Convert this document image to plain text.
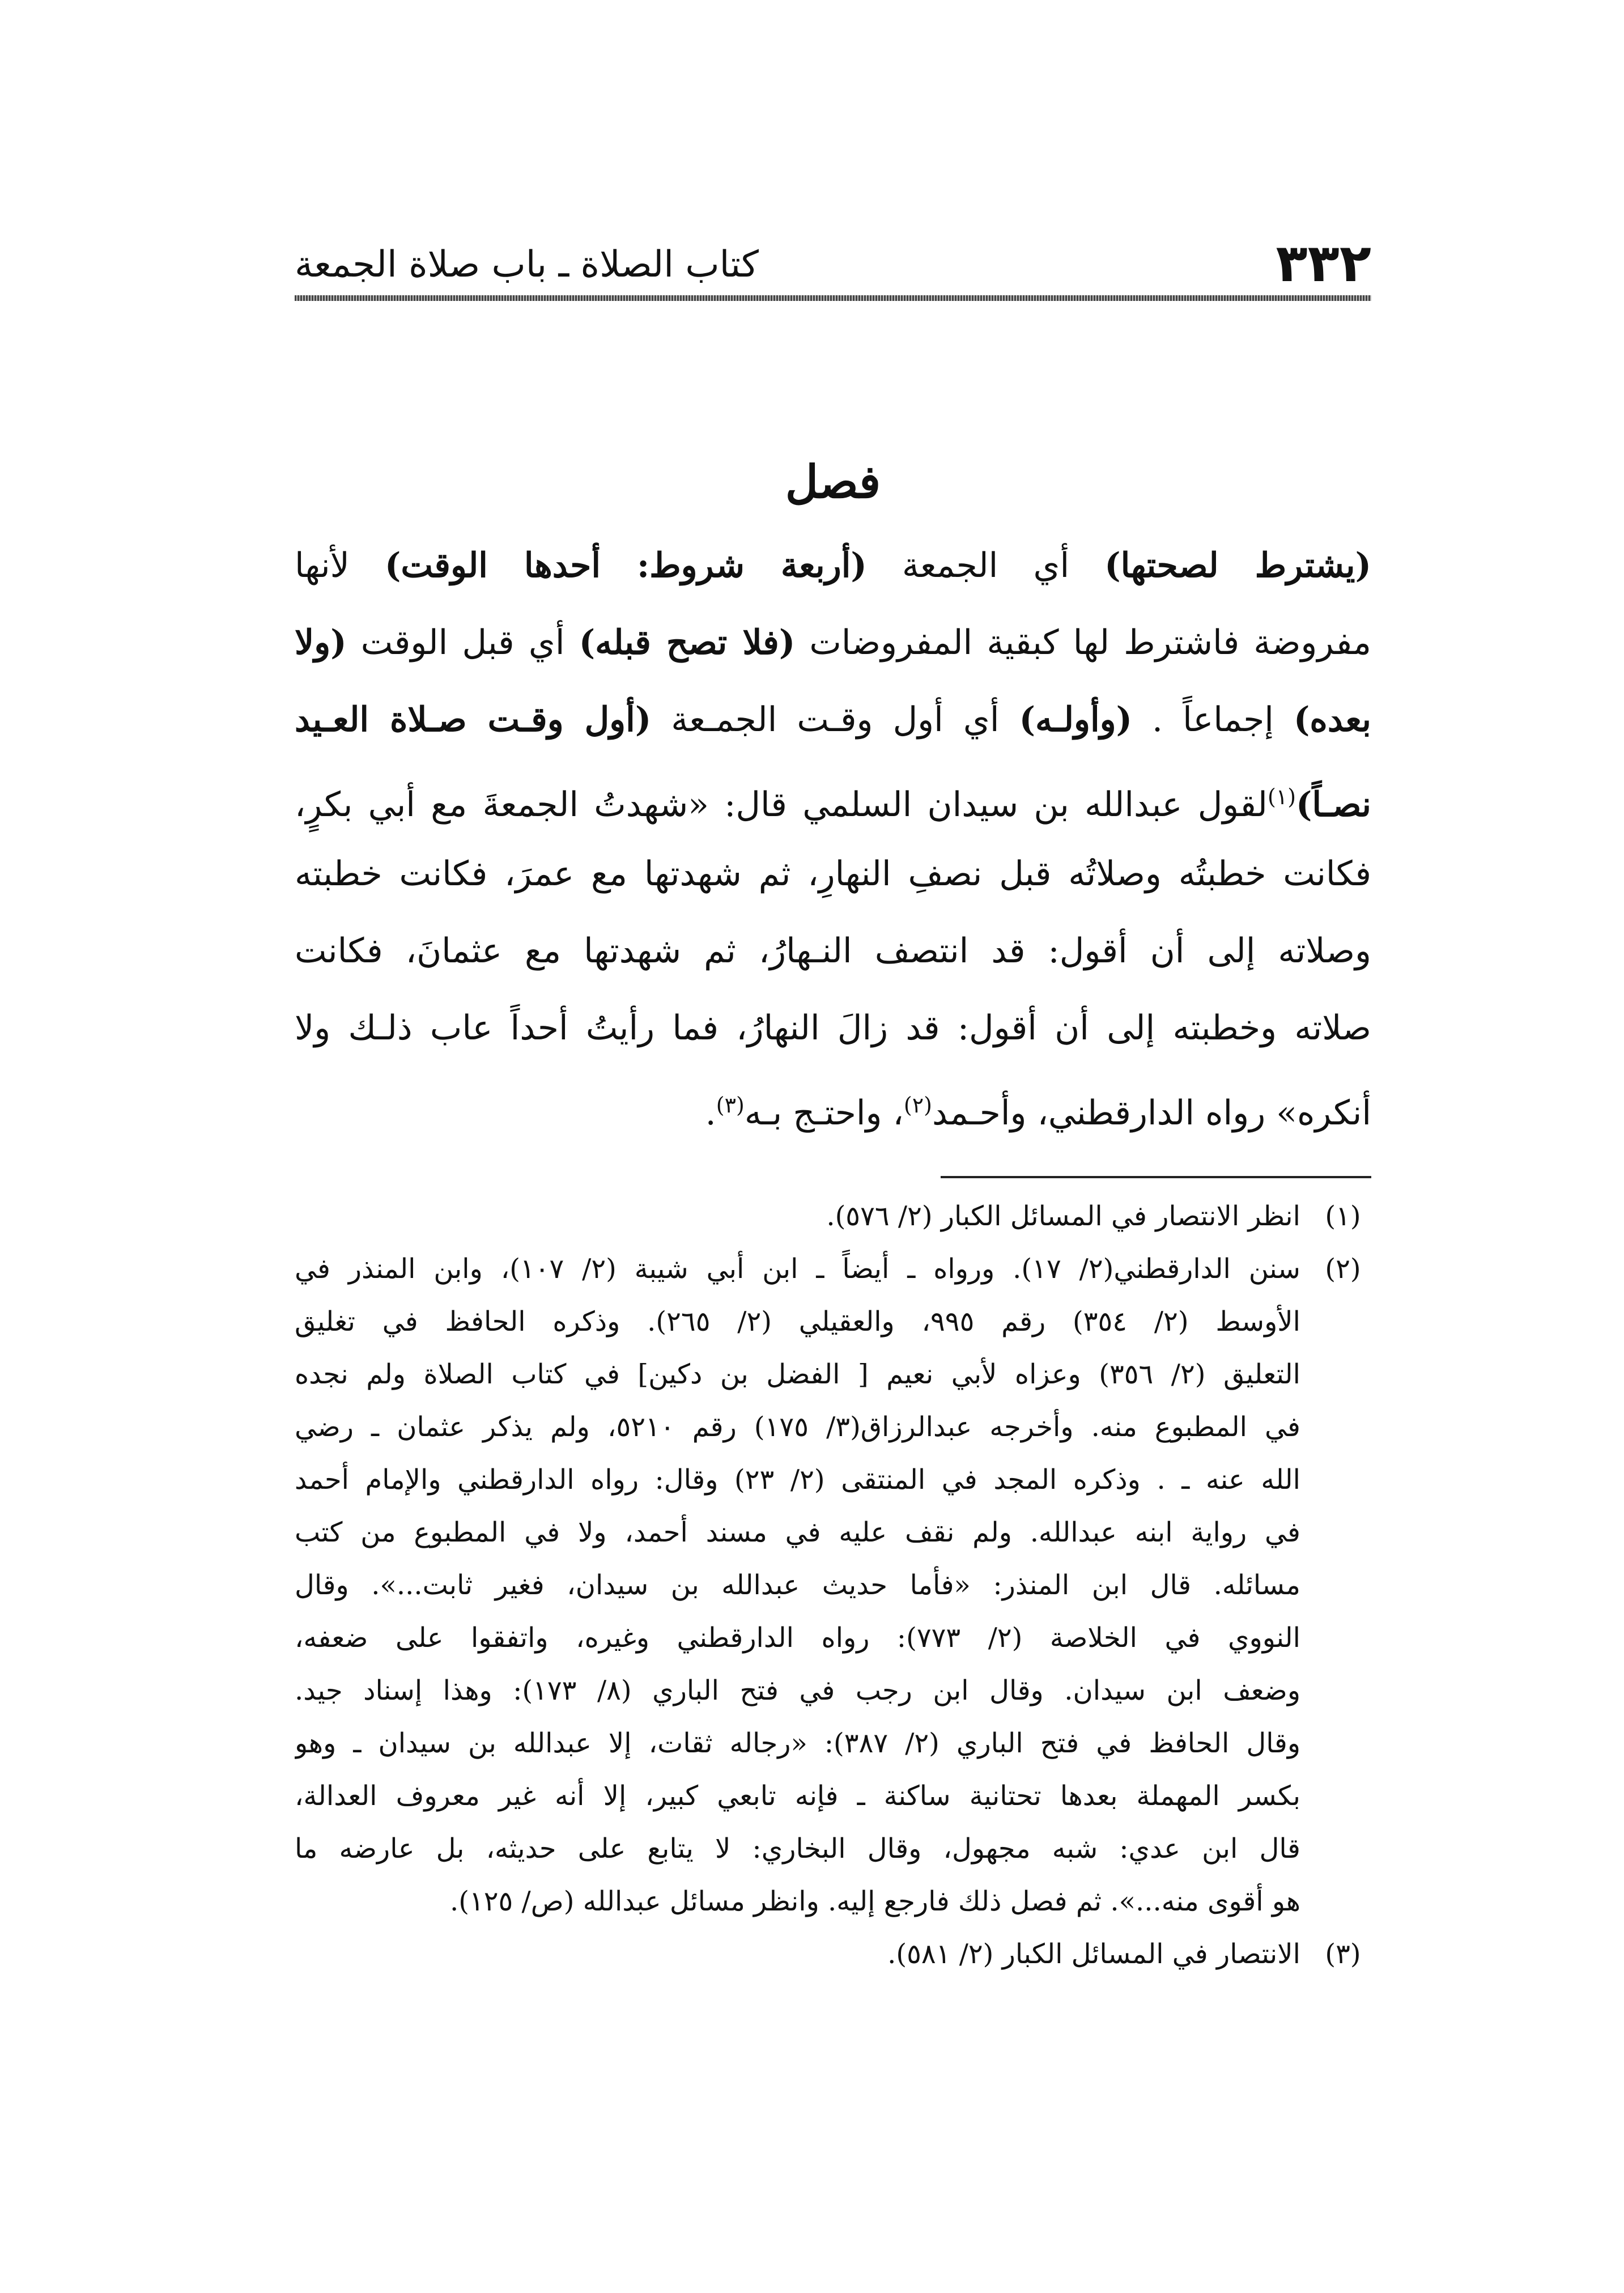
٣٣٢
كتاب الصلاة ـ باب صلاة الجمعة
فصل
(يشترط لصحتها) أي الجمعة (أربعة شروط: أحدها الوقت) لأنها
مفروضة فاشترط لها كبقية المفروضات (فلا تصح قبله) أي قبل الوقت (ولا
بعده) إجماعاً . (وأولـه) أي أول وقـت الجمـعة (أول وقـت صـلاة العـيد
نصـاً)$^{(١)}$لقول عبدالله بن سيدان السلمي قال: «شهدتُ الجمعةَ مع أبي بكرٍ،
فكانت خطبتُه وصلاتُه قبل نصفِ النهارِ، ثم شهدتها مع عمرَ، فكانت خطبته
وصلاته إلى أن أقول: قد انتصف النـهارُ، ثم شهدتها مع عثمانَ، فكانت
صلاته وخطبته إلى أن أقول: قد زالَ النهارُ، فما رأيتُ أحداً عاب ذلـك ولا
أنكره» رواه الدارقطني، وأحـمد$^{(٢)}$، واحتـج بـه$^{(٣)}$.
(١)
انظر الانتصار في المسائل الكبار (٢/ ٥٧٦).
(٢)
سنن الدارقطني(٢/ ١٧). ورواه ـ أيضاً ـ ابن أبي شيبة (٢/ ١٠٧)، وابن المنذر في
الأوسط (٢/ ٣٥٤) رقم ٩٩٥، والعقيلي (٢/ ٢٦٥). وذكره الحافظ في تغليق
التعليق (٢/ ٣٥٦) وعزاه لأبي نعيم [ الفضل بن دكين] في كتاب الصلاة ولم نجده
في المطبوع منه. وأخرجه عبدالرزاق(٣/ ١٧٥) رقم ٥٢١٠، ولم يذكر عثمان ـ رضي
الله عنه ـ . وذكره المجد في المنتقى (٢/ ٢٣) وقال: رواه الدارقطني والإمام أحمد
في رواية ابنه عبدالله. ولم نقف عليه في مسند أحمد، ولا في المطبوع من كتب
مسائله. قال ابن المنذر: «فأما حديث عبدالله بن سيدان، فغير ثابت...». وقال
النووي في الخلاصة (٢/ ٧٧٣): رواه الدارقطني وغيره، واتفقوا على ضعفه،
وضعف ابن سيدان. وقال ابن رجب في فتح الباري (٨/ ١٧٣): وهذا إسناد جيد.
وقال الحافظ في فتح الباري (٢/ ٣٨٧): «رجاله ثقات، إلا عبدالله بن سيدان ـ وهو
بكسر المهملة بعدها تحتانية ساكنة ـ فإنه تابعي كبير، إلا أنه غير معروف العدالة،
قال ابن عدي: شبه مجهول، وقال البخاري: لا يتابع على حديثه، بل عارضه ما
هو أقوى منه...». ثم فصل ذلك فارجع إليه. وانظر مسائل عبدالله (ص/ ١٢٥).
(٣)
الانتصار في المسائل الكبار (٢/ ٥٨١).
